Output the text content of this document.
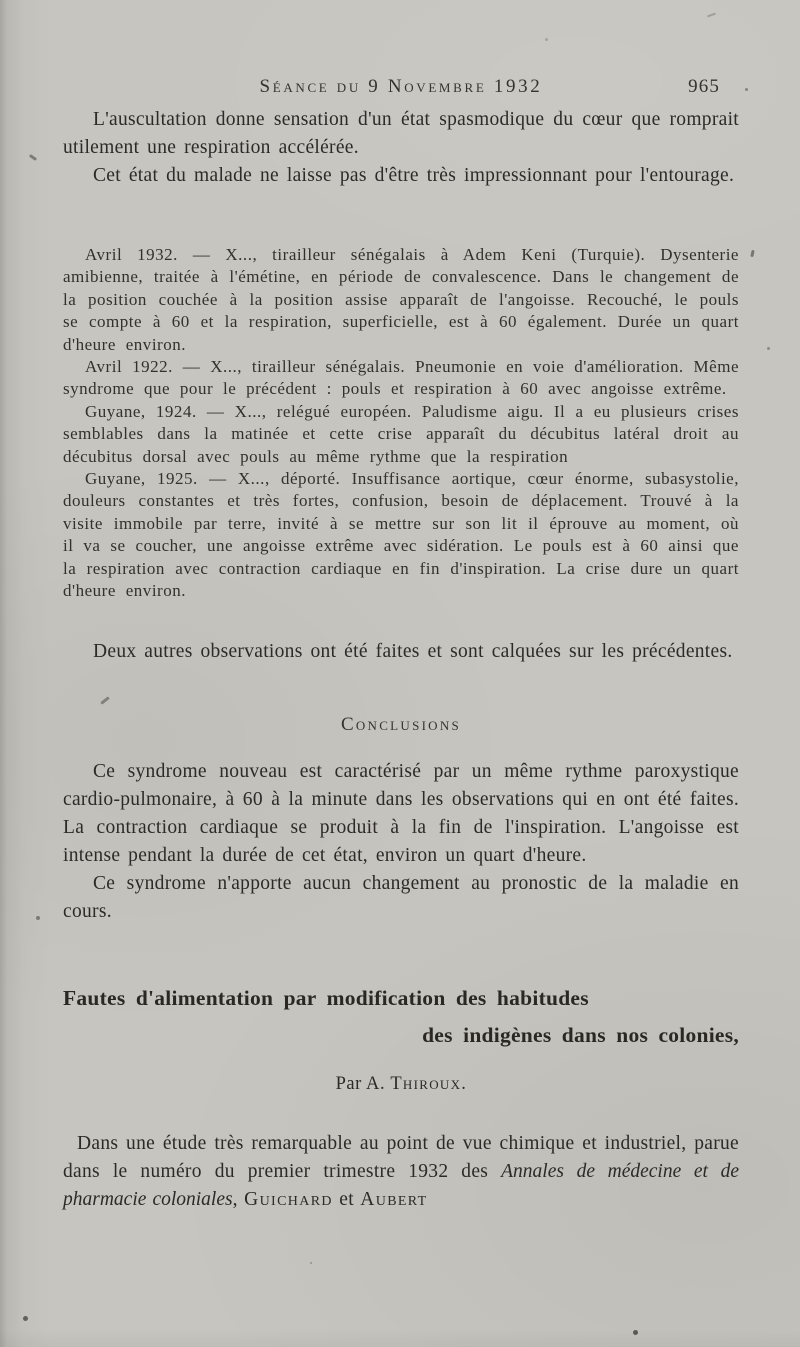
Séance du 9 Novembre 1932	965

L'auscultation donne sensation d'un état spasmodique du cœur que romprait utilement une respiration accélérée.

Cet état du malade ne laisse pas d'être très impressionnant pour l'entourage.

Avril 1932. — X..., tirailleur sénégalais à Adem Keni (Turquie). Dysenterie amibienne, traitée à l'émétine, en période de convalescence. Dans le changement de la position couchée à la position assise apparaît de l'angoisse. Recouché, le pouls se compte à 60 et la respiration, superficielle, est à 60 également. Durée un quart d'heure environ.

Avril 1922. — X..., tirailleur sénégalais. Pneumonie en voie d'amélioration. Même syndrome que pour le précédent : pouls et respiration à 60 avec angoisse extrême.

Guyane, 1924. — X..., relégué européen. Paludisme aigu. Il a eu plusieurs crises semblables dans la matinée et cette crise apparaît du décubitus latéral droit au décubitus dorsal avec pouls au même rythme que la respiration

Guyane, 1925. — X..., déporté. Insuffisance aortique, cœur énorme, subasystolie, douleurs constantes et très fortes, confusion, besoin de déplacement. Trouvé à la visite immobile par terre, invité à se mettre sur son lit il éprouve au moment, où il va se coucher, une angoisse extrême avec sidération. Le pouls est à 60 ainsi que la respiration avec contraction cardiaque en fin d'inspiration. La crise dure un quart d'heure environ.

Deux autres observations ont été faites et sont calquées sur les précédentes.

Conclusions

Ce syndrome nouveau est caractérisé par un même rythme paroxystique cardio-pulmonaire, à 60 à la minute dans les observations qui en ont été faites. La contraction cardiaque se produit à la fin de l'inspiration. L'angoisse est intense pendant la durée de cet état, environ un quart d'heure.

Ce syndrome n'apporte aucun changement au pronostic de la maladie en cours.

Fautes d'alimentation par modification des habitudes
des indigènes dans nos colonies,

Par A. Thiroux.

Dans une étude très remarquable au point de vue chimique et industriel, parue dans le numéro du premier trimestre 1932 des Annales de médecine et de pharmacie coloniales, Guichard et Aubert
